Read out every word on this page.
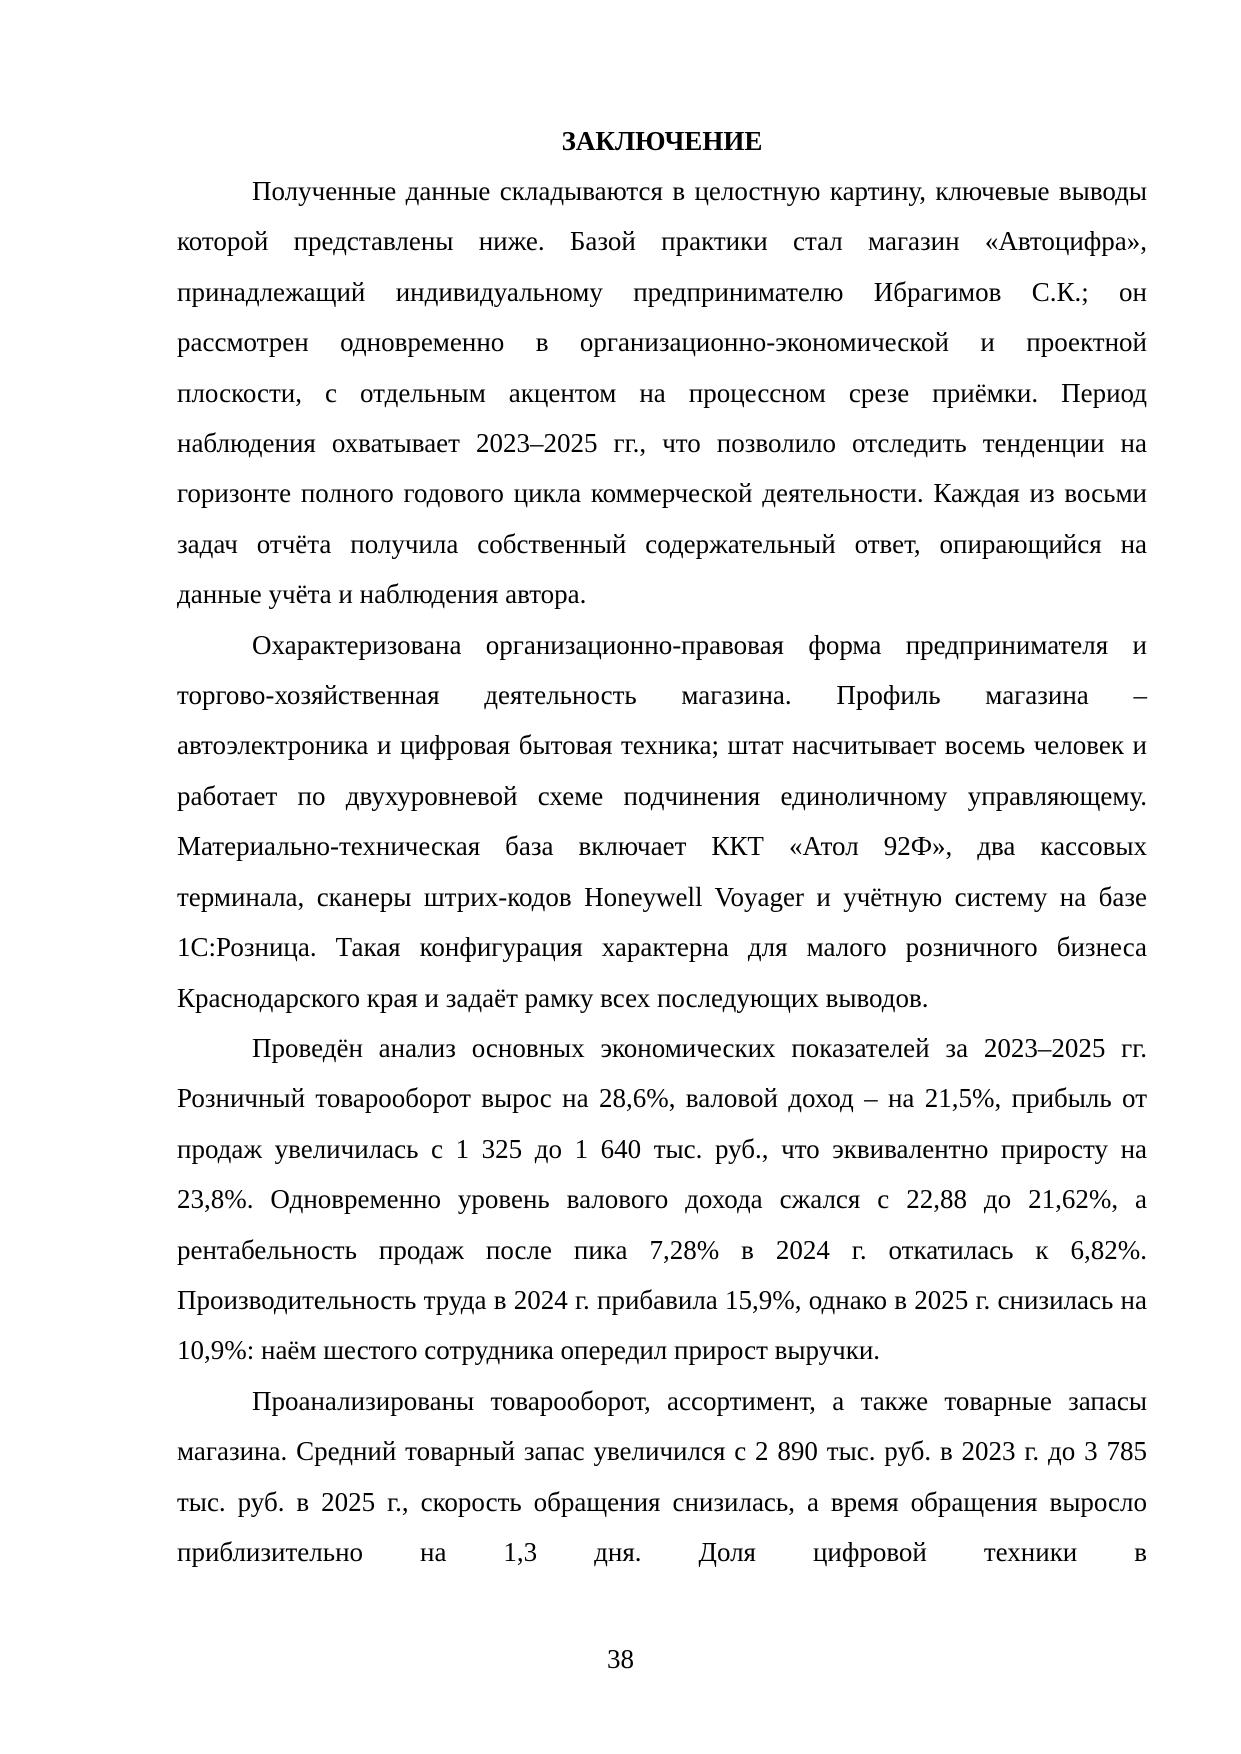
ЗАКЛЮЧЕНИЕ

Полученные данные складываются в целостную картину, ключевые выводы которой представлены ниже. Базой практики стал магазин «Автоцифра», принадлежащий индивидуальному предпринимателю Ибрагимов С.К.; он рассмотрен одновременно в организационно-экономической и проектной плоскости, с отдельным акцентом на процессном срезе приёмки. Период наблюдения охватывает 2023–2025 гг., что позволило отследить тенденции на горизонте полного годового цикла коммерческой деятельности. Каждая из восьми задач отчёта получила собственный содержательный ответ, опирающийся на данные учёта и наблюдения автора.

Охарактеризована организационно-правовая форма предпринимателя и торгово-хозяйственная деятельность магазина. Профиль магазина – автоэлектроника и цифровая бытовая техника; штат насчитывает восемь человек и работает по двухуровневой схеме подчинения единоличному управляющему. Материально-техническая база включает ККТ «Атол 92Ф», два кассовых терминала, сканеры штрих-кодов Honeywell Voyager и учётную систему на базе 1С:Розница. Такая конфигурация характерна для малого розничного бизнеса Краснодарского края и задаёт рамку всех последующих выводов.

Проведён анализ основных экономических показателей за 2023–2025 гг. Розничный товарооборот вырос на 28,6%, валовой доход – на 21,5%, прибыль от продаж увеличилась с 1 325 до 1 640 тыс. руб., что эквивалентно приросту на 23,8%. Одновременно уровень валового дохода сжался с 22,88 до 21,62%, а рентабельность продаж после пика 7,28% в 2024 г. откатилась к 6,82%. Производительность труда в 2024 г. прибавила 15,9%, однако в 2025 г. снизилась на 10,9%: наём шестого сотрудника опередил прирост выручки.

Проанализированы товарооборот, ассортимент, а также товарные запасы магазина. Средний товарный запас увеличился с 2 890 тыс. руб. в 2023 г. до 3 785 тыс. руб. в 2025 г., скорость обращения снизилась, а время обращения выросло приблизительно на 1,3 дня. Доля цифровой техники в

38
